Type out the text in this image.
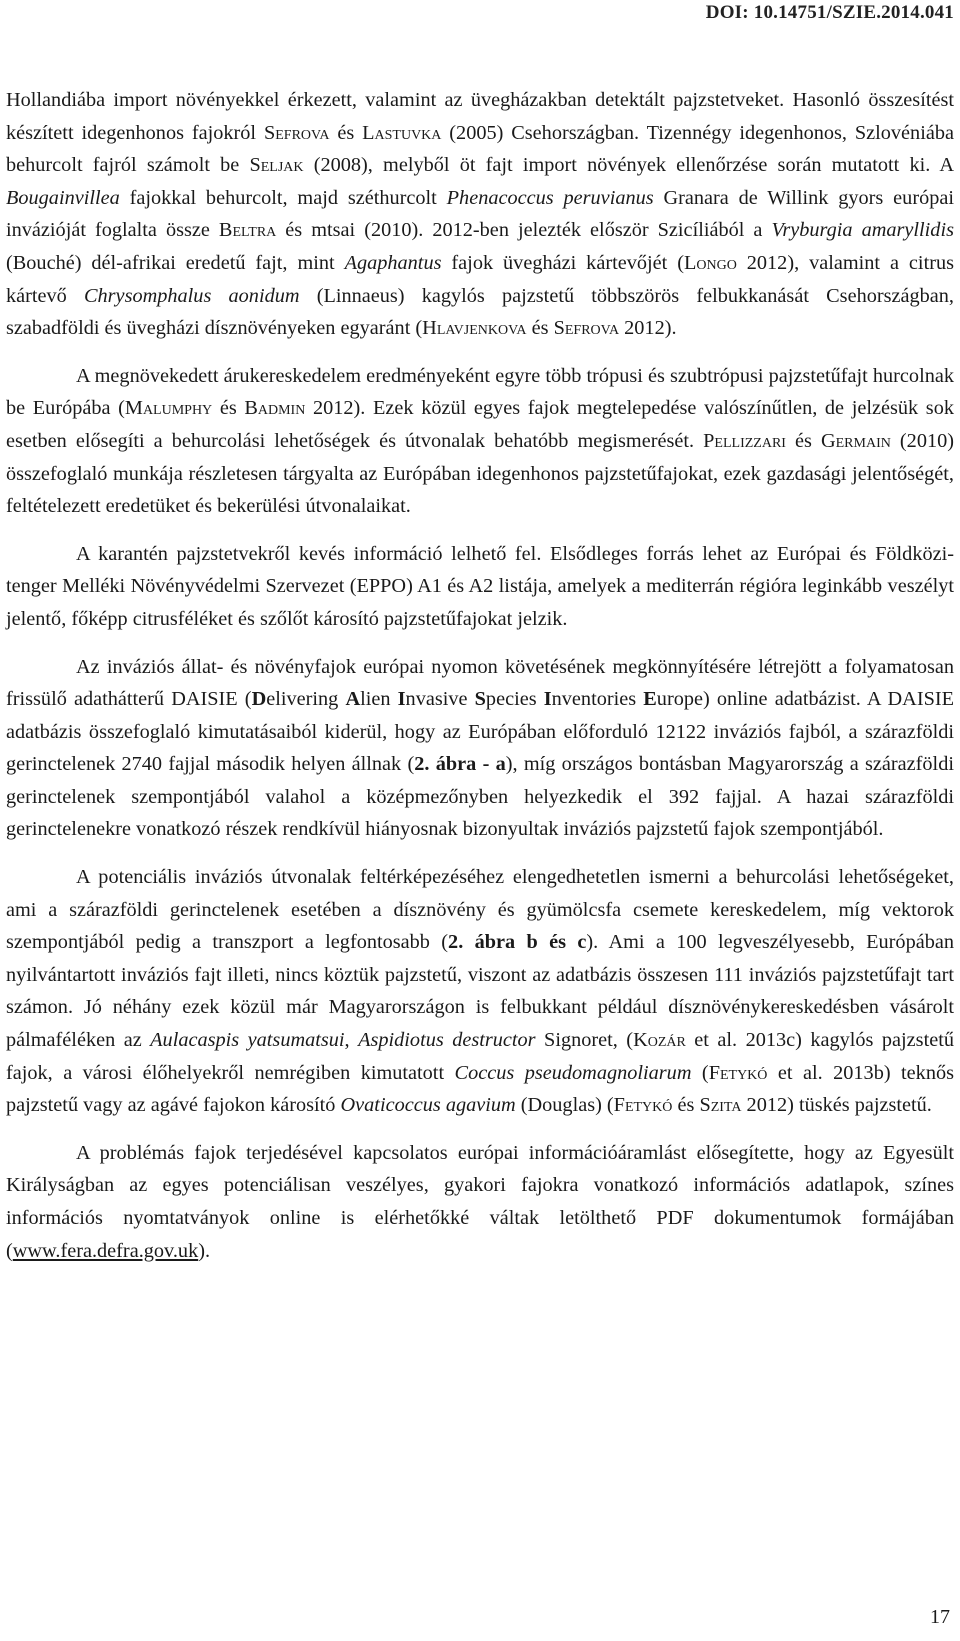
DOI: 10.14751/SZIE.2014.041

Hollandiába import növényekkel érkezett, valamint az üvegházakban detektált pajzstetveket. Hasonló összesítést készített idegenhonos fajokról Sefrova és Lastuvka (2005) Csehországban. Tizennégy idegenhonos, Szlovéniába behurcolt fajról számolt be Seljak (2008), melyből öt fajt import növények ellenőrzése során mutatott ki. A Bougainvillea fajokkal behurcolt, majd széthurcolt Phenacoccus peruvianus Granara de Willink gyors európai invázióját foglalta össze Beltra és mtsai (2010). 2012-ben jelezték először Szicíliából a Vryburgia amaryllidis (Bouché) dél-afrikai eredetű fajt, mint Agaphantus fajok üvegházi kártevőjét (Longo 2012), valamint a citrus kártevő Chrysomphalus aonidum (Linnaeus) kagylós pajzstetű többszörös felbukkanását Csehországban, szabadföldi és üvegházi dísznövényeken egyaránt (Hlavjenkova és Sefrova 2012).

A megnövekedett árukereskedelem eredményeként egyre több trópusi és szubtrópusi pajzstetűfajt hurcolnak be Európába (Malumphy és Badmin 2012). Ezek közül egyes fajok megtelepedése valószínűtlen, de jelzésük sok esetben elősegíti a behurcolási lehetőségek és útvonalak behatóbb megismerését. Pellizzari és Germain (2010) összefoglaló munkája részletesen tárgyalta az Európában idegenhonos pajzstetűfajokat, ezek gazdasági jelentőségét, feltételezett eredetüket és bekerülési útvonalaikat.

A karantén pajzstetvekről kevés információ lelhető fel. Elsődleges forrás lehet az Európai és Földközi-tenger Melléki Növényvédelmi Szervezet (EPPO) A1 és A2 listája, amelyek a mediterrán régióra leginkább veszélyt jelentő, főképp citrusféléket és szőlőt károsító pajzstetűfajokat jelzik.

Az inváziós állat- és növényfajok európai nyomon követésének megkönnyítésére létrejött a folyamatosan frissülő adathátterű DAISIE (Delivering Alien Invasive Species Inventories Europe) online adatbázist. A DAISIE adatbázis összefoglaló kimutatásaiból kiderül, hogy az Európában előforduló 12122 inváziós fajból, a szárazföldi gerinctelenek 2740 fajjal második helyen állnak (2. ábra - a), míg országos bontásban Magyarország a szárazföldi gerinctelenek szempontjából valahol a középmezőnyben helyezkedik el 392 fajjal. A hazai szárazföldi gerinctelenekre vonatkozó részek rendkívül hiányosnak bizonyultak inváziós pajzstetű fajok szempontjából.

A potenciális inváziós útvonalak feltérképezéséhez elengedhetetlen ismerni a behurcolási lehetőségeket, ami a szárazföldi gerinctelenek esetében a dísznövény és gyümölcsfa csemete kereskedelem, míg vektorok szempontjából pedig a transzport a legfontosabb (2. ábra b és c). Ami a 100 legveszélyesebb, Európában nyilvántartott inváziós fajt illeti, nincs köztük pajzstetű, viszont az adatbázis összesen 111 inváziós pajzstetűfajt tart számon. Jó néhány ezek közül már Magyarországon is felbukkant például dísznövénykereskedésben vásárolt pálmaféléken az Aulacaspis yatsumatsui, Aspidiotus destructor Signoret, (Kozár et al. 2013c) kagylós pajzstetű fajok, a városi élőhelyekről nemrégiben kimutatott Coccus pseudomagnoliarum (Fetykó et al. 2013b) teknős pajzstetű vagy az agávé fajokon károsító Ovaticoccus agavium (Douglas) (Fetykó és Szita 2012) tüskés pajzstetű.

A problémás fajok terjedésével kapcsolatos európai információáramlást elősegítette, hogy az Egyesült Királyságban az egyes potenciálisan veszélyes, gyakori fajokra vonatkozó információs adatlapok, színes információs nyomtatványok online is elérhetőkké váltak letölthető PDF dokumentumok formájában (www.fera.defra.gov.uk).

17
